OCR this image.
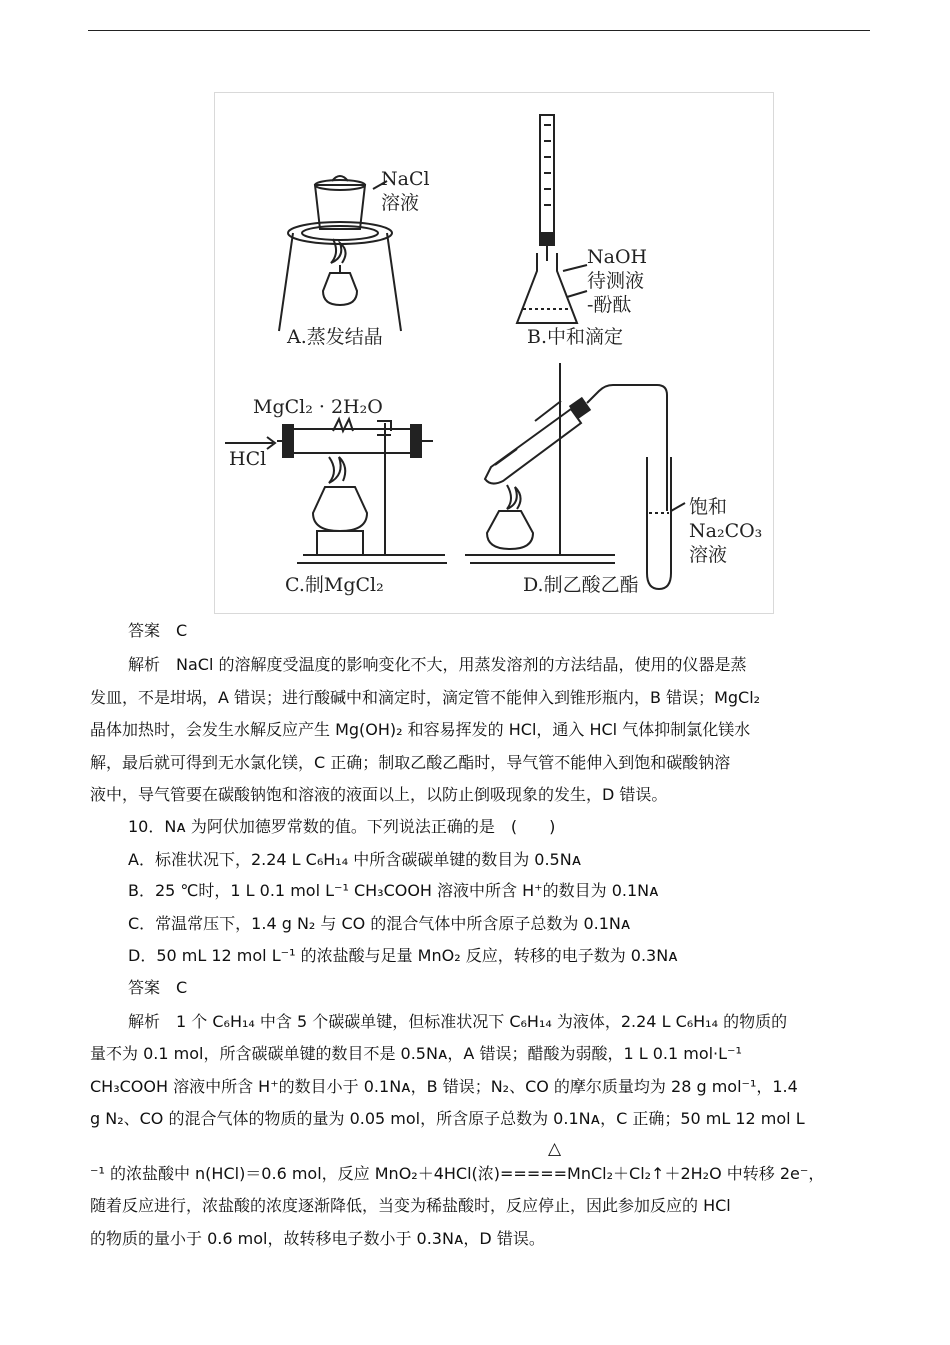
NaCl
溶液
A.蒸发结晶
NaOH
待测液
-酚酞
B.中和滴定
MgCl₂ · 2H₂O
HCl
C.制MgCl₂
饱和
Na₂CO₃
溶液
D.制乙酸乙酯
答案　C
解析　NaCl 的溶解度受温度的影响变化不大，用蒸发溶剂的方法结晶，使用的仪器是蒸
发皿，不是坩埚，A 错误；进行酸碱中和滴定时，滴定管不能伸入到锥形瓶内，B 错误；MgCl₂
晶体加热时，会发生水解反应产生 Mg(OH)₂ 和容易挥发的 HCl，通入 HCl 气体抑制氯化镁水
解，最后就可得到无水氯化镁，C 正确；制取乙酸乙酯时，导气管不能伸入到饱和碳酸钠溶
液中，导气管要在碳酸钠饱和溶液的液面以上，以防止倒吸现象的发生，D 错误。
10．Nᴀ 为阿伏加德罗常数的值。下列说法正确的是　(　　)
A．标准状况下，2.24 L C₆H₁₄ 中所含碳碳单键的数目为 0.5Nᴀ
B．25 ℃时，1 L 0.1 mol L⁻¹ CH₃COOH 溶液中所含 H⁺的数目为 0.1Nᴀ
C．常温常压下，1.4 g N₂ 与 CO 的混合气体中所含原子总数为 0.1Nᴀ
D．50 mL 12 mol L⁻¹ 的浓盐酸与足量 MnO₂ 反应，转移的电子数为 0.3Nᴀ
答案　C
解析　1 个 C₆H₁₄ 中含 5 个碳碳单键，但标准状况下 C₆H₁₄ 为液体，2.24 L C₆H₁₄ 的物质的
量不为 0.1 mol，所含碳碳单键的数目不是 0.5Nᴀ，A 错误；醋酸为弱酸，1 L 0.1 mol·L⁻¹
CH₃COOH 溶液中所含 H⁺的数目小于 0.1Nᴀ，B 错误；N₂、CO 的摩尔质量均为 28 g mol⁻¹，1.4
g N₂、CO 的混合气体的物质的量为 0.05 mol，所含原子总数为 0.1Nᴀ，C 正确；50 mL 12 mol L
△
⁻¹ 的浓盐酸中 n(HCl)＝0.6 mol，反应 MnO₂＋4HCl(浓)=====MnCl₂＋Cl₂↑＋2H₂O 中转移 2e⁻，
随着反应进行，浓盐酸的浓度逐渐降低，当变为稀盐酸时，反应停止，因此参加反应的 HCl
的物质的量小于 0.6 mol，故转移电子数小于 0.3Nᴀ，D 错误。
